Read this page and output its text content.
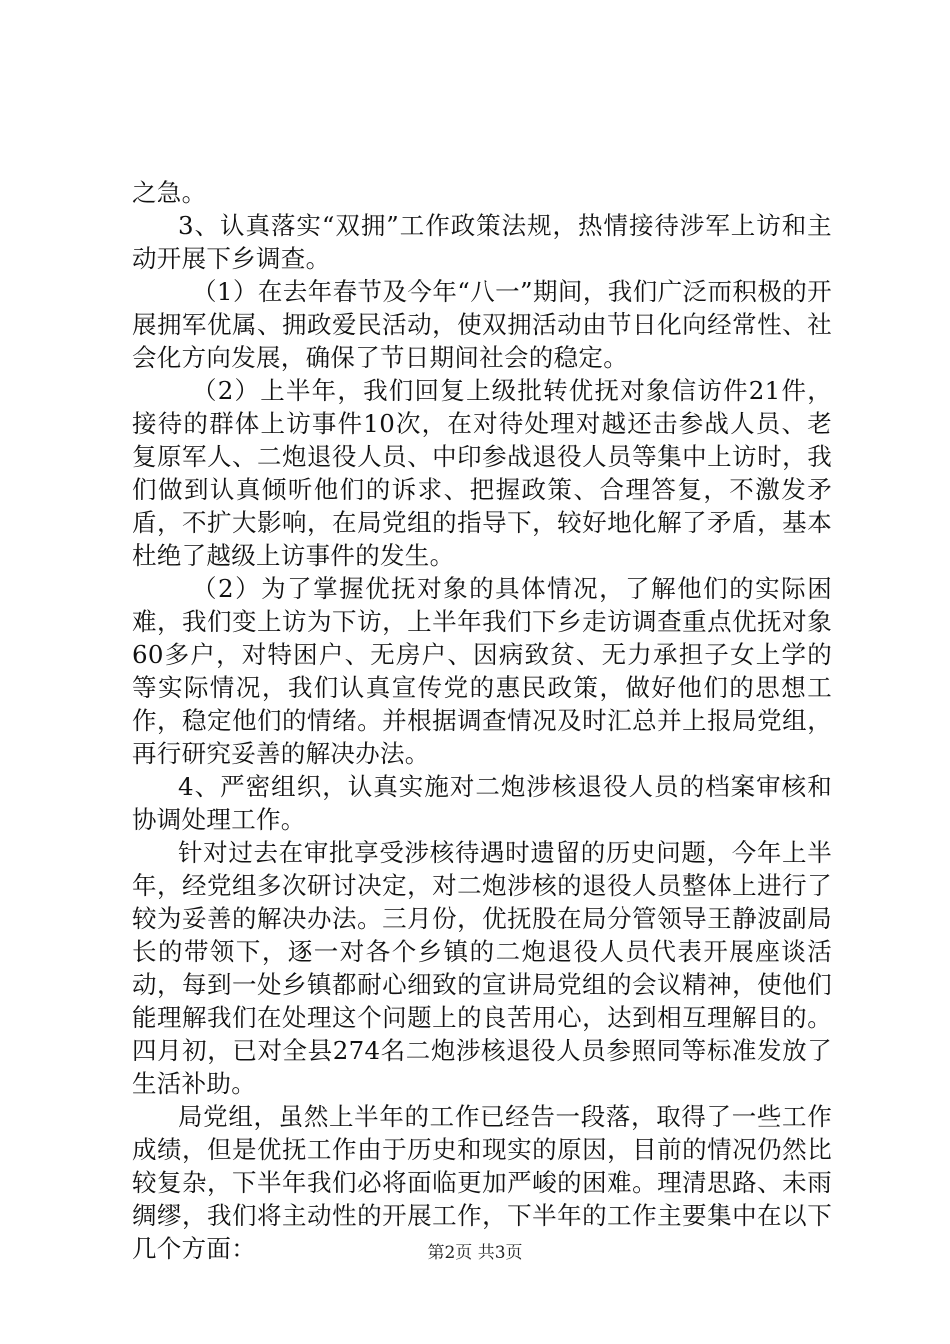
之急。

3、认真落实“双拥”工作政策法规，热情接待涉军上访和主动开展下乡调查。

（1）在去年春节及今年“八一”期间，我们广泛而积极的开展拥军优属、拥政爱民活动，使双拥活动由节日化向经常性、社会化方向发展，确保了节日期间社会的稳定。

（2）上半年，我们回复上级批转优抚对象信访件21件，接待的群体上访事件10次，在对待处理对越还击参战人员、老复原军人、二炮退役人员、中印参战退役人员等集中上访时，我们做到认真倾听他们的诉求、把握政策、合理答复，不激发矛盾，不扩大影响，在局党组的指导下，较好地化解了矛盾，基本杜绝了越级上访事件的发生。

（2）为了掌握优抚对象的具体情况，了解他们的实际困难，我们变上访为下访，上半年我们下乡走访调查重点优抚对象60多户，对特困户、无房户、因病致贫、无力承担子女上学的等实际情况，我们认真宣传党的惠民政策，做好他们的思想工作，稳定他们的情绪。并根据调查情况及时汇总并上报局党组，再行研究妥善的解决办法。

4、严密组织，认真实施对二炮涉核退役人员的档案审核和协调处理工作。

针对过去在审批享受涉核待遇时遗留的历史问题，今年上半年，经党组多次研讨决定，对二炮涉核的退役人员整体上进行了较为妥善的解决办法。三月份，优抚股在局分管领导王静波副局长的带领下，逐一对各个乡镇的二炮退役人员代表开展座谈活动，每到一处乡镇都耐心细致的宣讲局党组的会议精神，使他们能理解我们在处理这个问题上的良苦用心，达到相互理解目的。四月初，已对全县274名二炮涉核退役人员参照同等标准发放了生活补助。

局党组，虽然上半年的工作已经告一段落，取得了一些工作成绩，但是优抚工作由于历史和现实的原因，目前的情况仍然比较复杂，下半年我们必将面临更加严峻的困难。理清思路、未雨绸缪，我们将主动性的开展工作，下半年的工作主要集中在以下几个方面：	第2页 共3页
